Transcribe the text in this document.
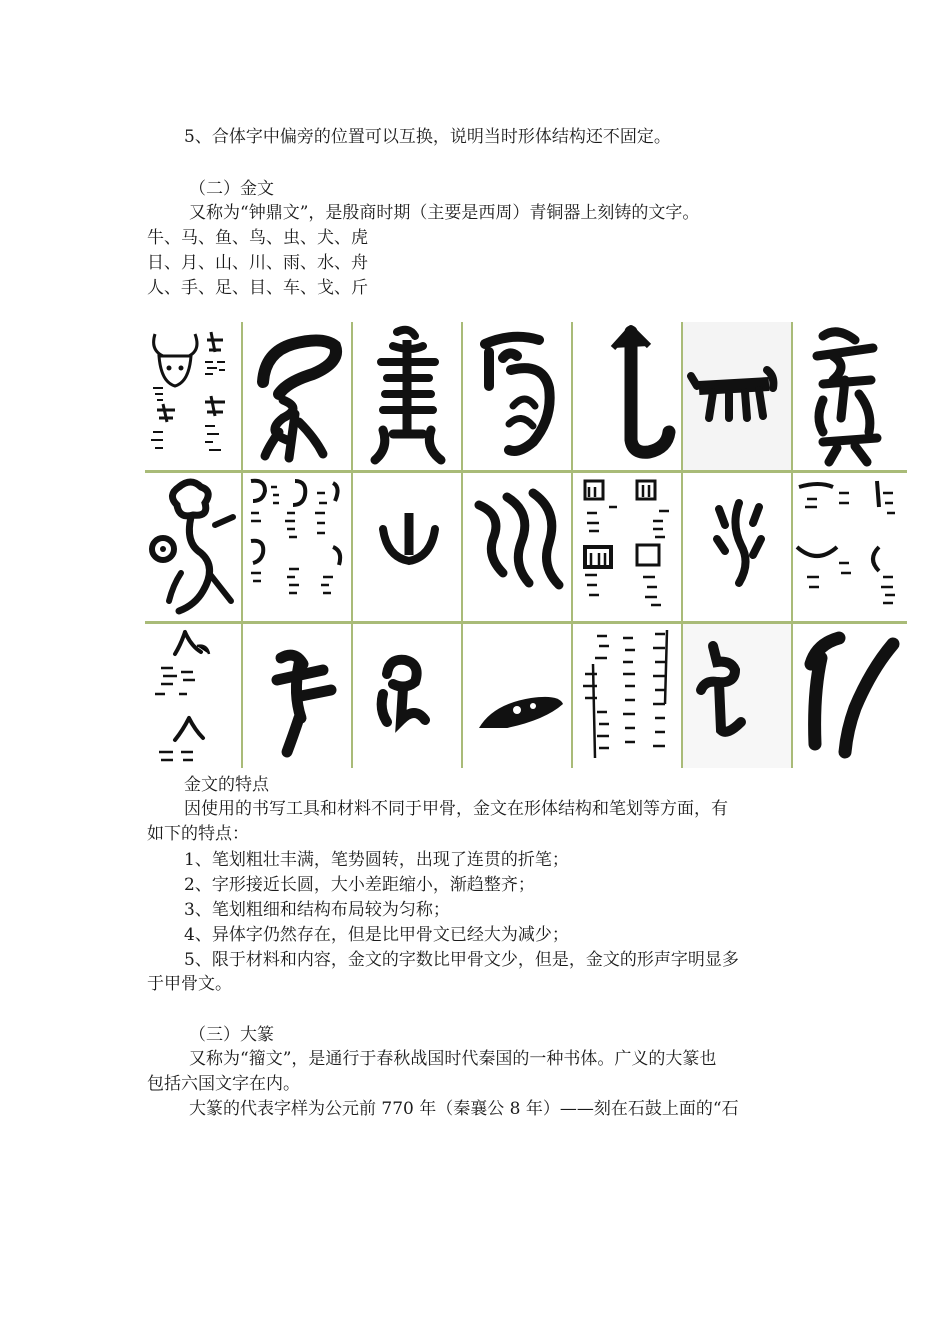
5、合体字中偏旁的位置可以互换，说明当时形体结构还不固定。
（二）金文
又称为“钟鼎文”，是殷商时期（主要是西周）青铜器上刻铸的文字。
牛、马、鱼、鸟、虫、犬、虎
日、月、山、川、雨、水、舟
人、手、足、目、车、戈、斤
金文的特点
因使用的书写工具和材料不同于甲骨，金文在形体结构和笔划等方面，有
如下的特点：
1、笔划粗壮丰满，笔势圆转，出现了连贯的折笔；
2、字形接近长圆，大小差距缩小，渐趋整齐；
3、笔划粗细和结构布局较为匀称；
4、异体字仍然存在，但是比甲骨文已经大为减少；
5、限于材料和内容，金文的字数比甲骨文少，但是，金文的形声字明显多
于甲骨文。
（三）大篆
又称为“籀文”，是通行于春秋战国时代秦国的一种书体。广义的大篆也
包括六国文字在内。
大篆的代表字样为公元前 770 年（秦襄公 8 年）——刻在石鼓上面的“石
